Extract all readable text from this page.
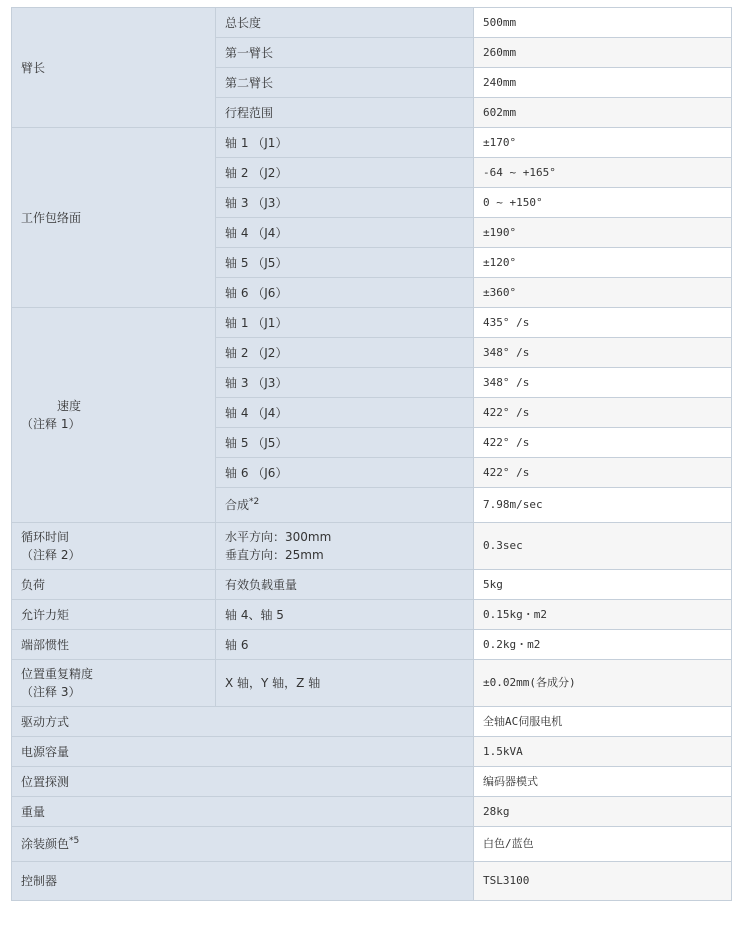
臂长	总长度	500mm
	第一臂长	260mm
	第二臂长	240mm
	行程范围	602mm
工作包络面	轴 1 （J1）	±170°
	轴 2 （J2）	-64 ~ +165°
	轴 3 （J3）	0 ~ +150°
	轴 4 （J4）	±190°
	轴 5 （J5）	±120°
	轴 6 （J6）	±360°

速度
（注释 1）	轴 1 （J1）	435° /s
	轴 2 （J2）	348° /s
	轴 3 （J3）	348° /s
	轴 4 （J4）	422° /s
	轴 5 （J5）	422° /s
	轴 6 （J6）	422° /s
	合成$^{*2}$	7.98m/sec

循环时间
（注释 2）	水平方向：300mm
垂直方向：25mm	0.3sec
负荷	有效负载重量	5kg
允许力矩	轴 4、轴 5	0.15kg・m2
端部惯性	轴 6	0.2kg・m2

位置重复精度
（注释 3）	X 轴，Y 轴，Z 轴	±0.02mm(各成分)
驱动方式		全轴AC伺服电机
电源容量		1.5kVA
位置探测		编码器模式
重量		28kg
涂装颜色$^{*5}$		白色/蓝色
控制器		TSL3100
